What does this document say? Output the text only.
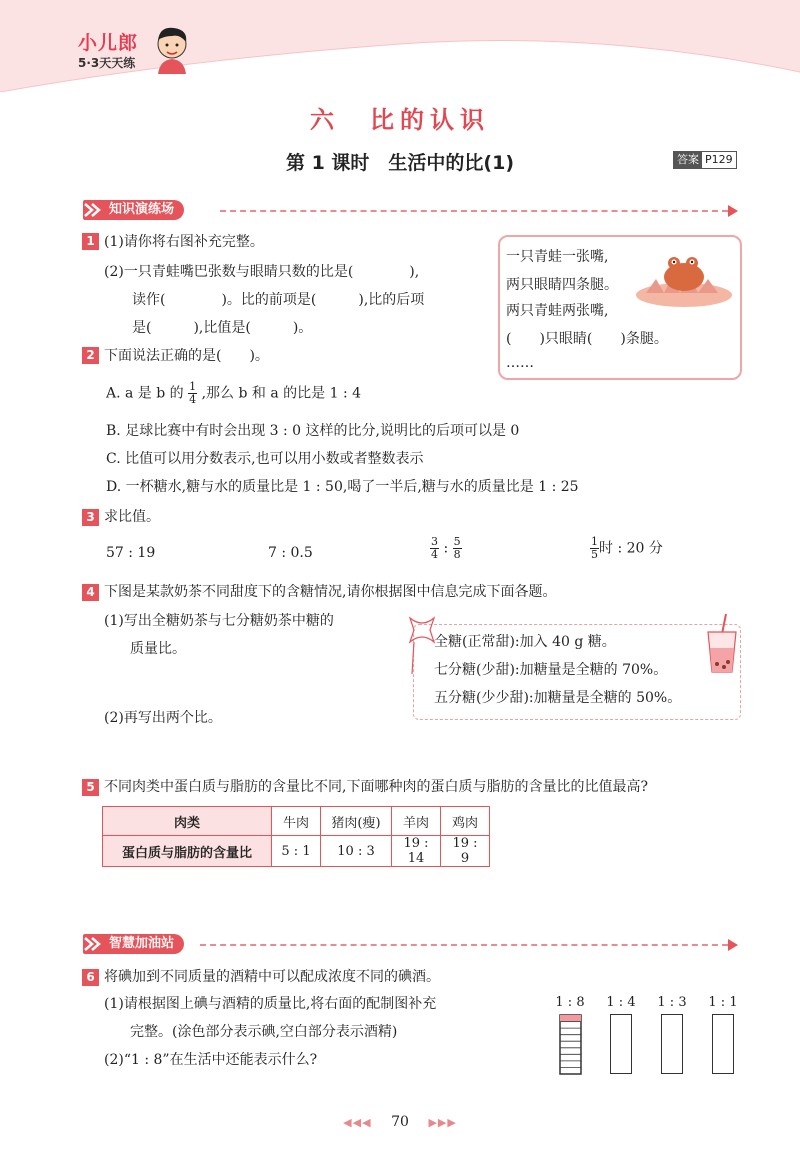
小儿郎
5·3天天练
六　比的认识
第 1 课时　生活中的比(1)	答案 P129
知识演练场
1 (1)请你将右图补充完整。
(2)一只青蛙嘴巴张数与眼睛只数的比是(　　　　),
读作(　　　　)。比的前项是(　　　),比的后项
是(　　　),比值是(　　　)。
一只青蛙一张嘴,
两只眼睛四条腿。
两只青蛙两张嘴,
(　　)只眼睛(　　)条腿。
……
2 下面说法正确的是(　　)。
A. a 是 b 的 $\frac{1}{4}$ ,那么 b 和 a 的比是 1 : 4
B. 足球比赛中有时会出现 3 : 0 这样的比分,说明比的后项可以是 0
C. 比值可以用分数表示,也可以用小数或者整数表示
D. 一杯糖水,糖与水的质量比是 1 : 50,喝了一半后,糖与水的质量比是 1 : 25
3 求比值。
57 : 19	7 : 0.5	$\frac{3}{4}$ : $\frac{5}{8}$	$\frac{1}{5}$ 时 : 20 分
4 下图是某款奶茶不同甜度下的含糖情况,请你根据图中信息完成下面各题。
(1)写出全糖奶茶与七分糖奶茶中糖的
质量比。
(2)再写出两个比。
全糖(正常甜):加入 40 g 糖。
七分糖(少甜):加糖量是全糖的 70%。
五分糖(少少甜):加糖量是全糖的 50%。
5 不同肉类中蛋白质与脂肪的含量比不同,下面哪种肉的蛋白质与脂肪的含量比的比值最高?
肉类	牛肉	猪肉(瘦)	羊肉	鸡肉
蛋白质与脂肪的含量比	5 : 1	10 : 3	19 : 14	19 : 9
智慧加油站
6 将碘加到不同质量的酒精中可以配成浓度不同的碘酒。
(1)请根据图上碘与酒精的质量比,将右面的配制图补充
完整。(涂色部分表示碘,空白部分表示酒精)
(2)“1 : 8”在生活中还能表示什么?
1 : 8	1 : 4	1 : 3	1 : 1
◀◀◀ 70 ▶▶▶
